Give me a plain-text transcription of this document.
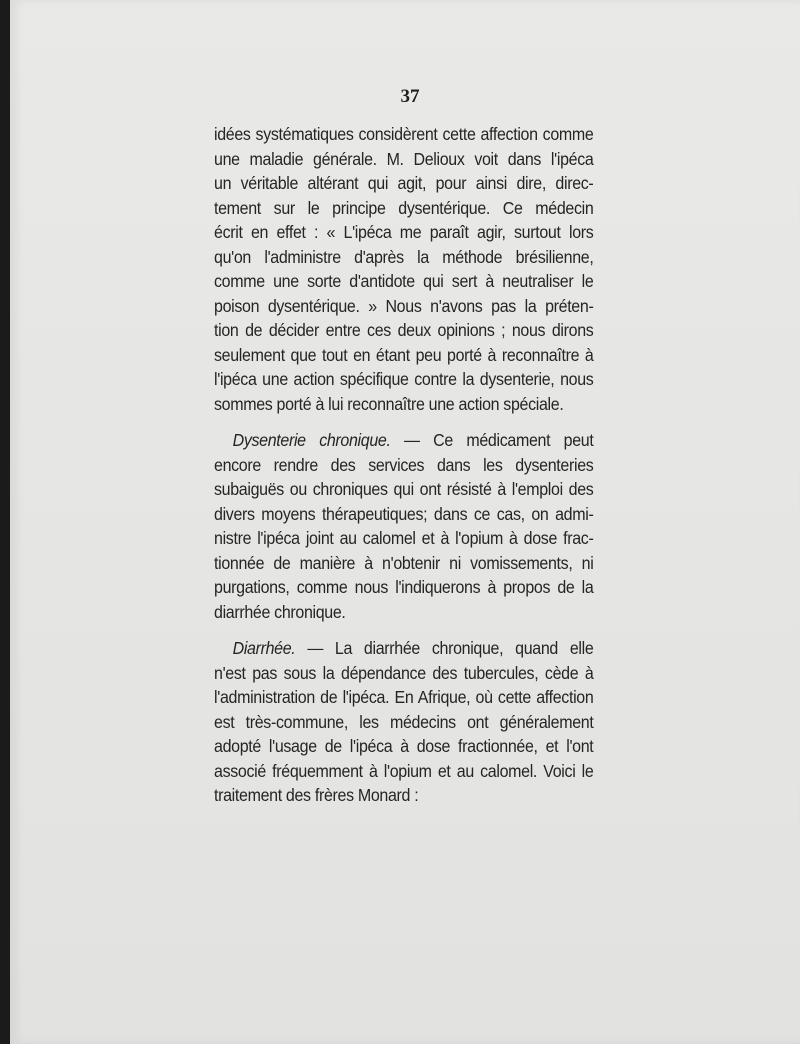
37

idées systématiques considèrent cette affection comme
une maladie générale. M. Delioux voit dans l'ipéca
un véritable altérant qui agit, pour ainsi dire, direc-
tement sur le principe dysentérique. Ce médecin
écrit en effet : « L'ipéca me paraît agir, surtout lors
qu'on l'administre d'après la méthode brésilienne,
comme une sorte d'antidote qui sert à neutraliser le
poison dysentérique. » Nous n'avons pas la préten-
tion de décider entre ces deux opinions ; nous dirons
seulement que tout en étant peu porté à reconnaître à
l'ipéca une action spécifique contre la dysenterie, nous
sommes porté à lui reconnaître une action spéciale.
Dysenterie chronique. — Ce médicament peut
encore rendre des services dans les dysenteries
subaiguës ou chroniques qui ont résisté à l'emploi des
divers moyens thérapeutiques; dans ce cas, on admi-
nistre l'ipéca joint au calomel et à l'opium à dose frac-
tionnée de manière à n'obtenir ni vomissements, ni
purgations, comme nous l'indiquerons à propos de la
diarrhée chronique.
Diarrhée. — La diarrhée chronique, quand elle
n'est pas sous la dépendance des tubercules, cède à
l'administration de l'ipéca. En Afrique, où cette affection
est très-commune, les médecins ont généralement
adopté l'usage de l'ipéca à dose fractionnée, et l'ont
associé fréquemment à l'opium et au calomel. Voici le
traitement des frères Monard :
